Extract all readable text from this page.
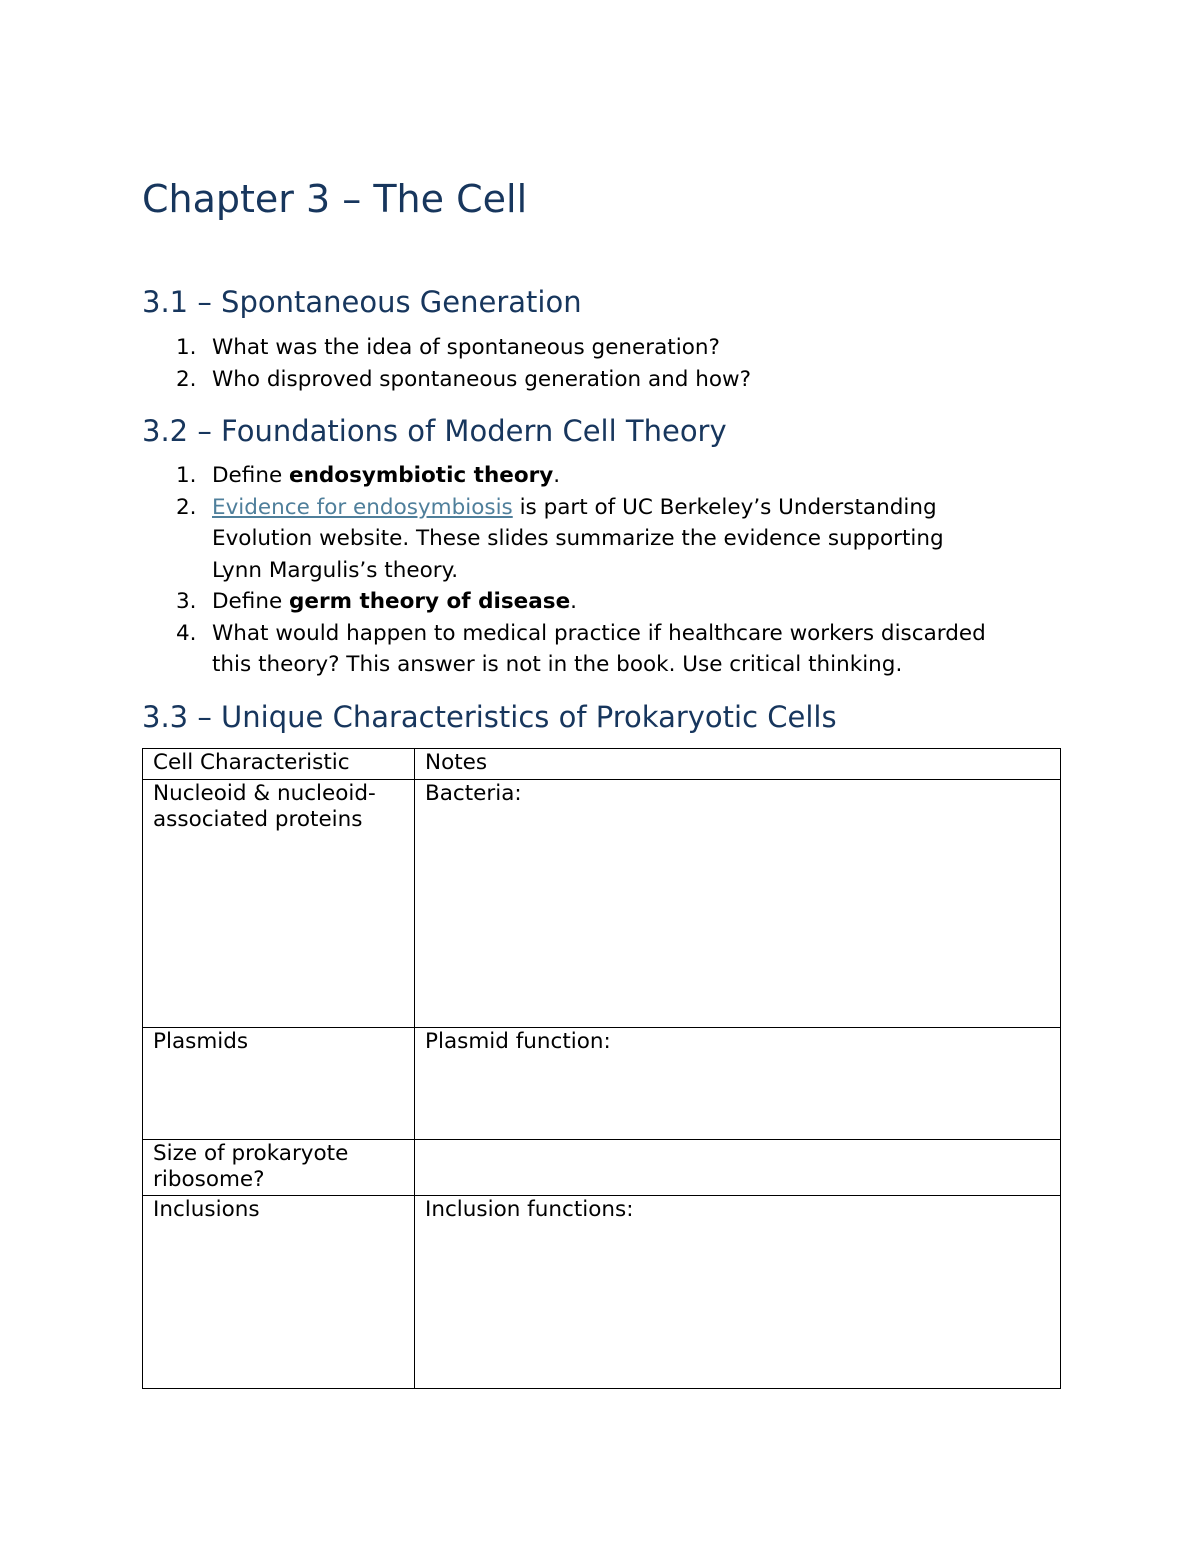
Chapter 3 – The Cell
3.1 – Spontaneous Generation
1. What was the idea of spontaneous generation?
2. Who disproved spontaneous generation and how?
3.2 – Foundations of Modern Cell Theory
1. Define endosymbiotic theory.
2. Evidence for endosymbiosis is part of UC Berkeley’s Understanding
Evolution website. These slides summarize the evidence supporting
Lynn Margulis’s theory.
3. Define germ theory of disease.
4. What would happen to medical practice if healthcare workers discarded
this theory? This answer is not in the book. Use critical thinking.
3.3 – Unique Characteristics of Prokaryotic Cells
Cell Characteristic	Notes
Nucleoid & nucleoid-
associated proteins	Bacteria:
Plasmids	Plasmid function:
Size of prokaryote
ribosome?	
Inclusions	Inclusion functions:
